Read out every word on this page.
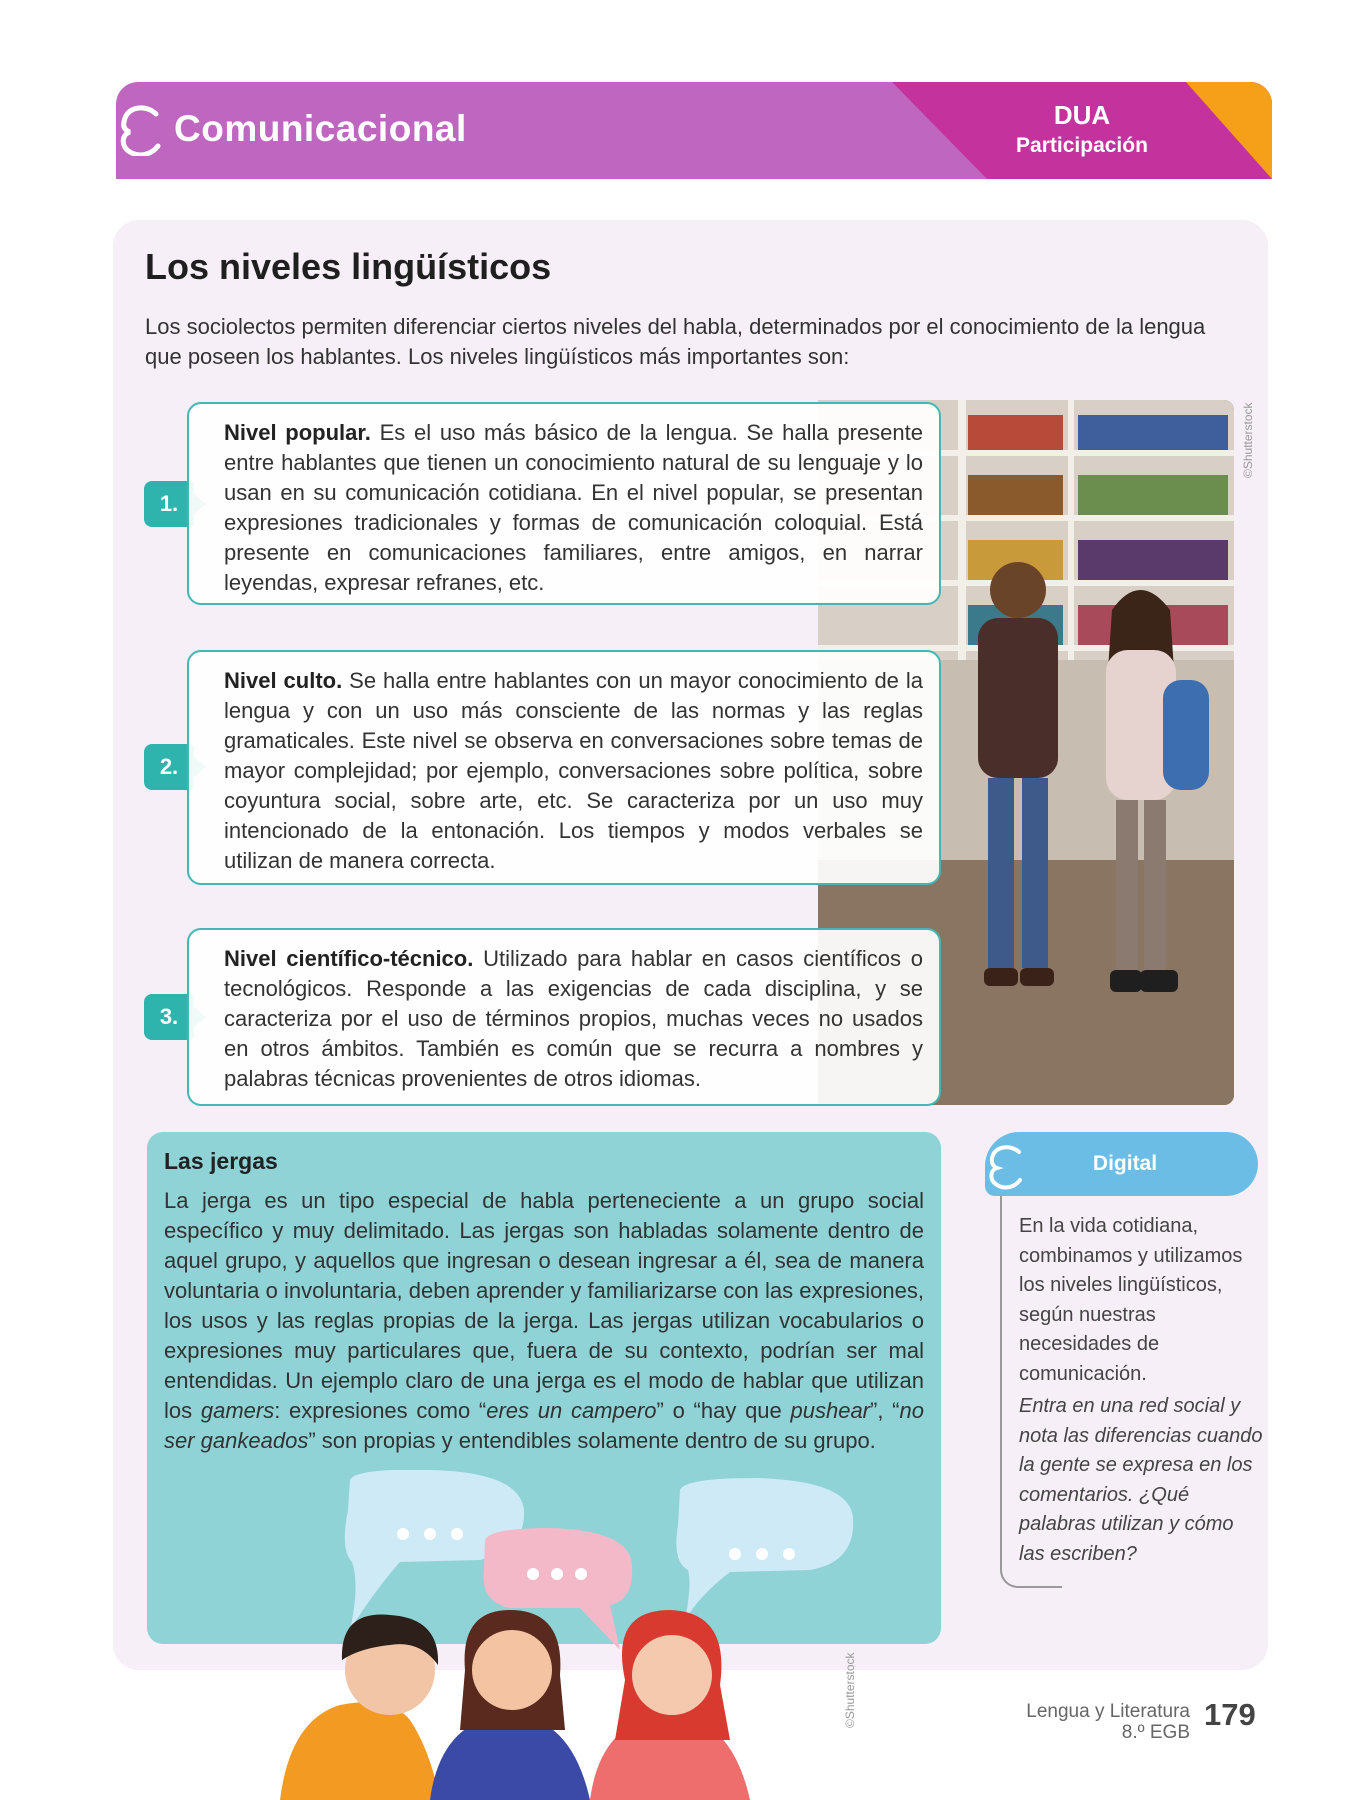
Comunicacional	DUA
Participación
Los niveles lingüísticos
Los sociolectos permiten diferenciar ciertos niveles del habla, determinados por el conocimiento de la lengua que poseen los hablantes. Los niveles lingüísticos más importantes son:
©Shutterstock
1.
Nivel popular. Es el uso más básico de la lengua. Se halla presente entre hablantes que tienen un conocimiento natural de su lenguaje y lo usan en su comunicación cotidiana. En el nivel popular, se presentan expresiones tradicionales y formas de comunicación coloquial. Está presente en comunicaciones familiares, entre amigos, en narrar leyendas, expresar refranes, etc.
2.
Nivel culto. Se halla entre hablantes con un mayor conocimiento de la lengua y con un uso más consciente de las normas y las reglas gramaticales. Este nivel se observa en conversaciones sobre temas de mayor complejidad; por ejemplo, conversaciones sobre política, sobre coyuntura social, sobre arte, etc. Se caracteriza por un uso muy intencionado de la entonación. Los tiempos y modos verbales se utilizan de manera correcta.
3.
Nivel científico-técnico. Utilizado para hablar en casos científicos o tecnológicos. Responde a las exigencias de cada disciplina, y se caracteriza por el uso de términos propios, muchas veces no usados en otros ámbitos. También es común que se recurra a nombres y palabras técnicas provenientes de otros idiomas.
Las jergas
La jerga es un tipo especial de habla perteneciente a un grupo social específico y muy delimitado. Las jergas son habladas solamente dentro de aquel grupo, y aquellos que ingresan o desean ingresar a él, sea de manera voluntaria o involuntaria, deben aprender y familiarizarse con las expresiones, los usos y las reglas propias de la jerga. Las jergas utilizan vocabularios o expresiones muy particulares que, fuera de su contexto, podrían ser mal entendidas. Un ejemplo claro de una jerga es el modo de hablar que utilizan los gamers: expresiones como “eres un campero” o “hay que pushear”, “no ser gankeados” son propias y entendibles solamente dentro de su grupo.
©Shutterstock
Digital
En la vida cotidiana, combinamos y utilizamos los niveles lingüísticos, según nuestras necesidades de comunicación.
Entra en una red social y nota las diferencias cuando la gente se expresa en los comentarios. ¿Qué palabras utilizan y cómo las escriben?
Lengua y Literatura
8.º EGB
179
